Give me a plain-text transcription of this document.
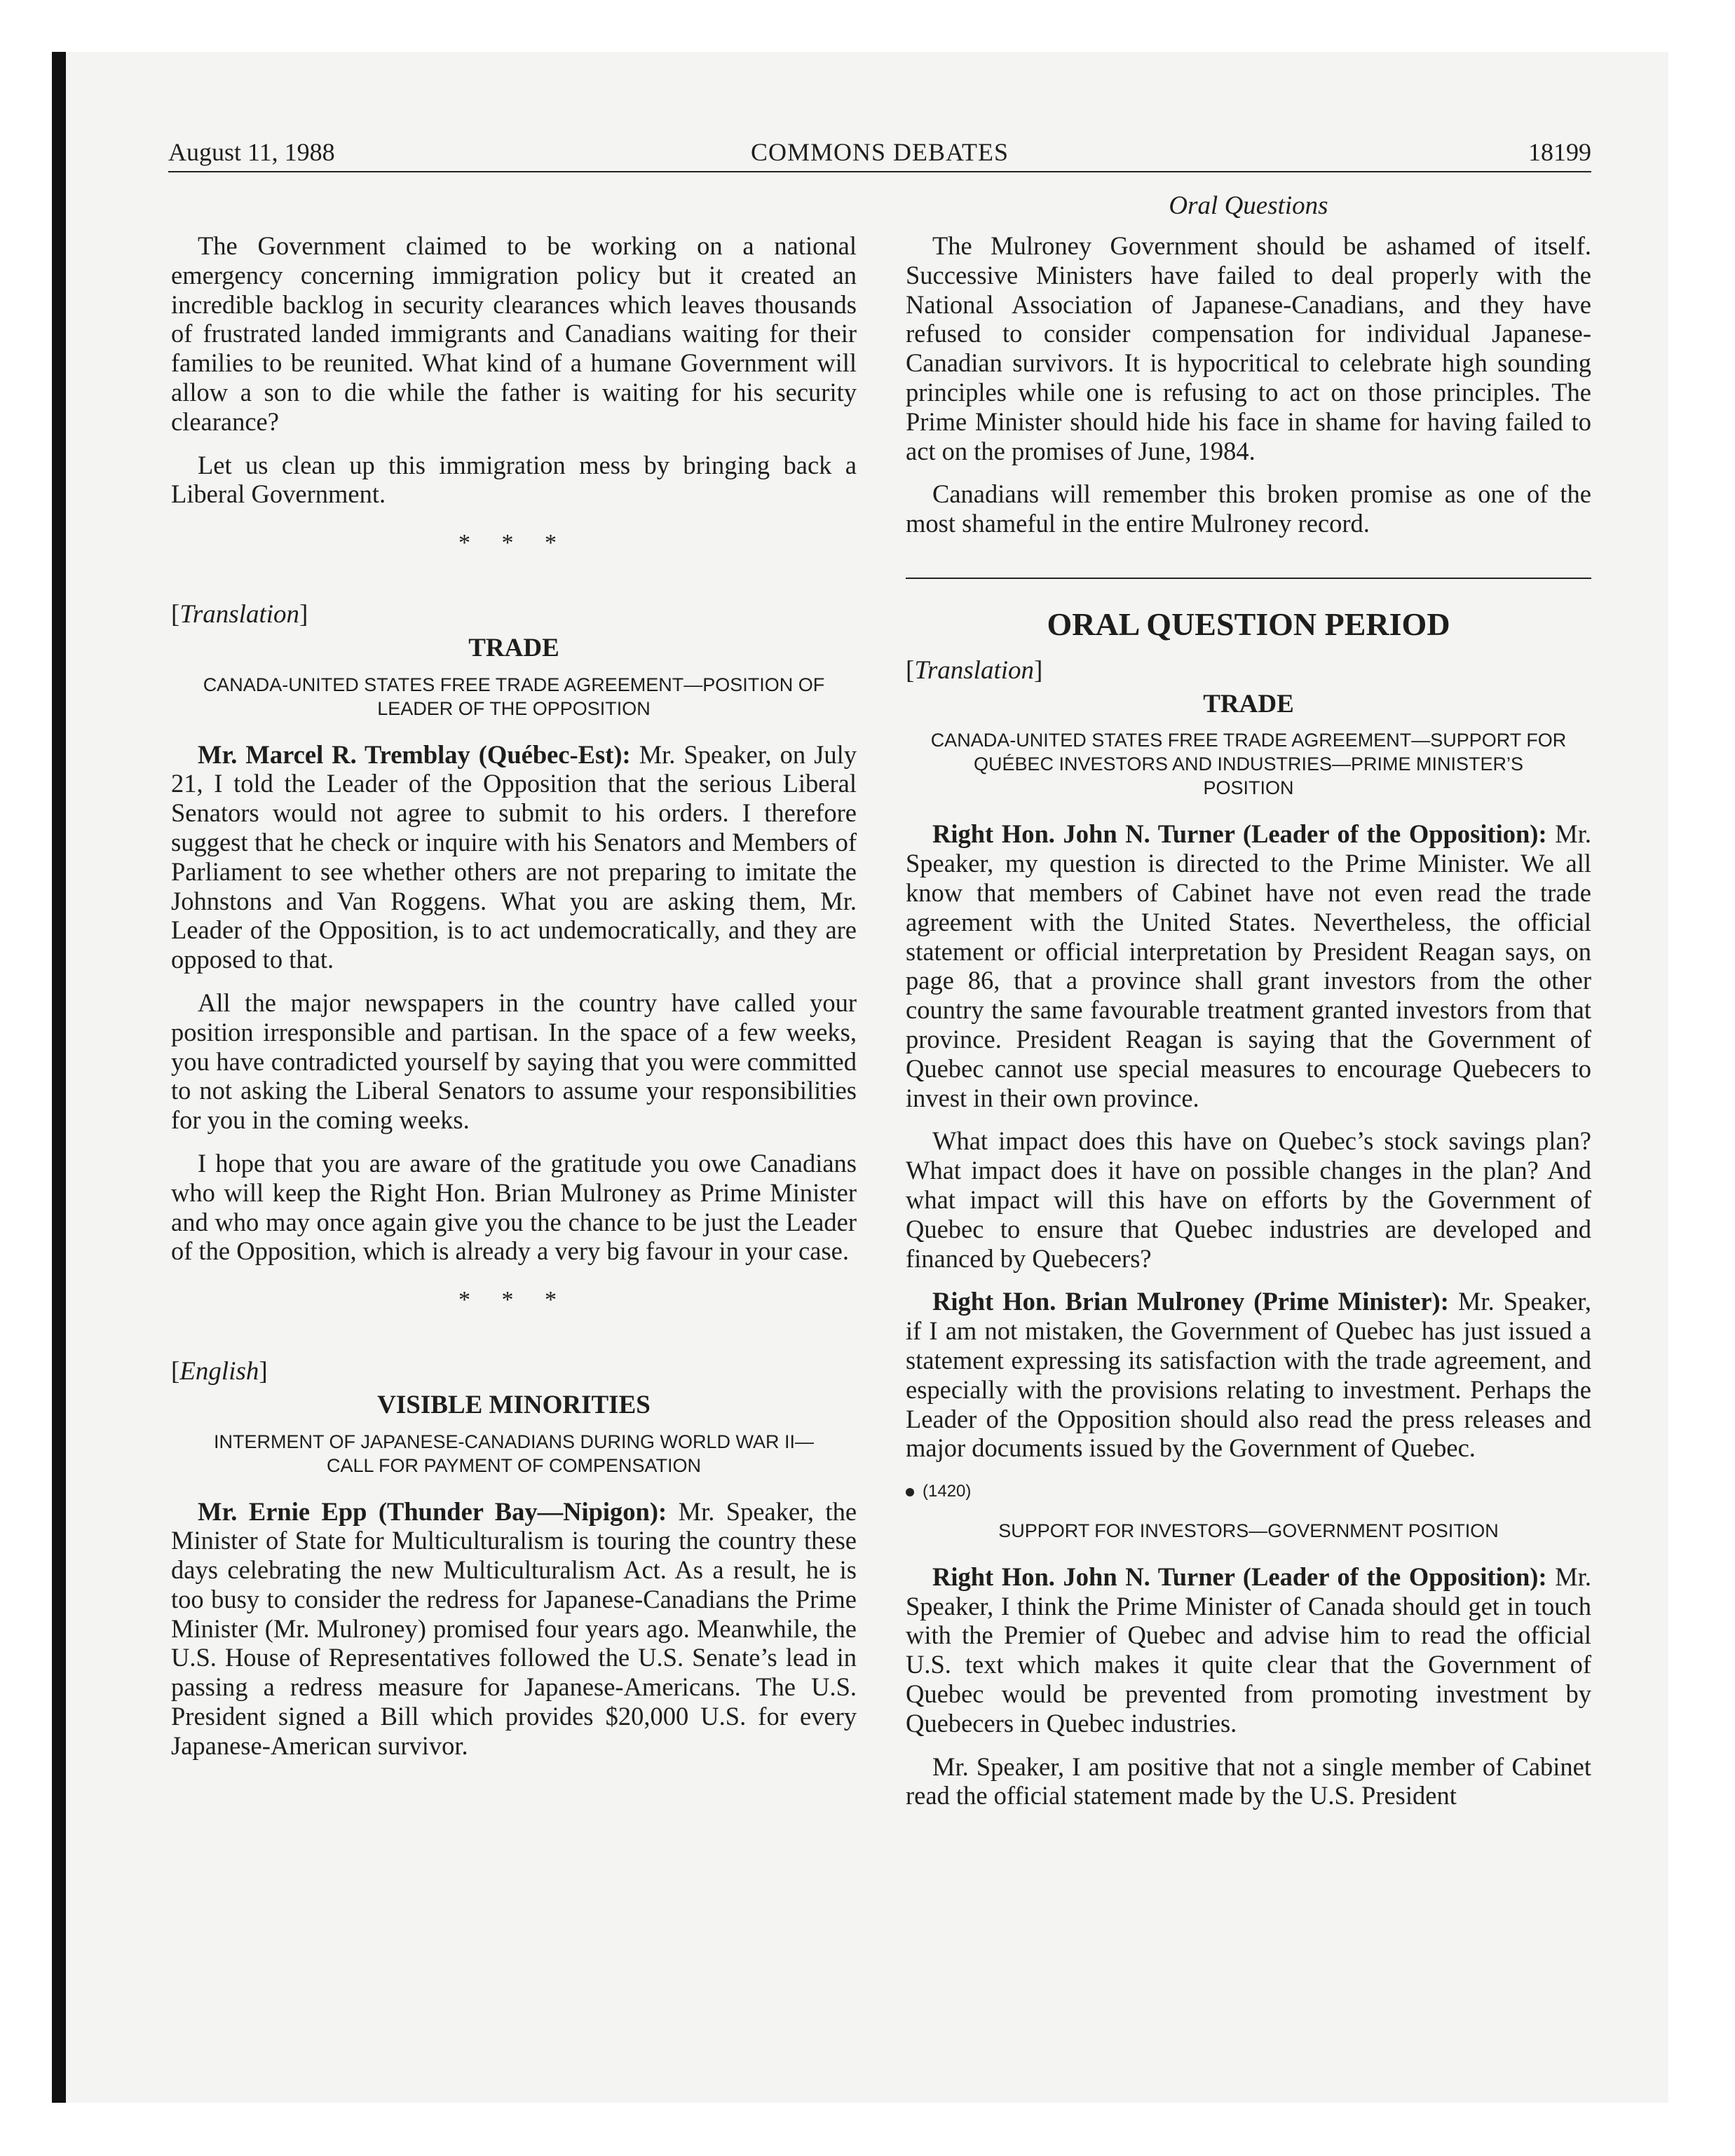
August 11, 1988	COMMONS DEBATES	18199
Oral Questions

The Government claimed to be working on a national emergency concerning immigration policy but it created an incredible backlog in security clearances which leaves thousands of frustrated landed immigrants and Canadians waiting for their families to be reunited. What kind of a humane Government will allow a son to die while the father is waiting for his security clearance?

Let us clean up this immigration mess by bringing back a Liberal Government.

* * *
[Translation]
TRADE
CANADA-UNITED STATES FREE TRADE AGREEMENT—POSITION OF LEADER OF THE OPPOSITION

Mr. Marcel R. Tremblay (Québec-Est): Mr. Speaker, on July 21, I told the Leader of the Opposition that the serious Liberal Senators would not agree to submit to his orders. I therefore suggest that he check or inquire with his Senators and Members of Parliament to see whether others are not preparing to imitate the Johnstons and Van Roggens. What you are asking them, Mr. Leader of the Opposition, is to act undemocratically, and they are opposed to that.

All the major newspapers in the country have called your position irresponsible and partisan. In the space of a few weeks, you have contradicted yourself by saying that you were committed to not asking the Liberal Senators to assume your responsibilities for you in the coming weeks.

I hope that you are aware of the gratitude you owe Canadians who will keep the Right Hon. Brian Mulroney as Prime Minister and who may once again give you the chance to be just the Leader of the Opposition, which is already a very big favour in your case.

* * *
[English]
VISIBLE MINORITIES
INTERMENT OF JAPANESE-CANADIANS DURING WORLD WAR II—CALL FOR PAYMENT OF COMPENSATION

Mr. Ernie Epp (Thunder Bay—Nipigon): Mr. Speaker, the Minister of State for Multiculturalism is touring the country these days celebrating the new Multiculturalism Act. As a result, he is too busy to consider the redress for Japanese-Canadians the Prime Minister (Mr. Mulroney) promised four years ago. Meanwhile, the U.S. House of Representatives followed the U.S. Senate’s lead in passing a redress measure for Japanese-Americans. The U.S. President signed a Bill which provides $20,000 U.S. for every Japanese-American survivor.

The Mulroney Government should be ashamed of itself. Successive Ministers have failed to deal properly with the National Association of Japanese-Canadians, and they have refused to consider compensation for individual Japanese-Canadian survivors. It is hypocritical to celebrate high sounding principles while one is refusing to act on those principles. The Prime Minister should hide his face in shame for having failed to act on the promises of June, 1984.

Canadians will remember this broken promise as one of the most shameful in the entire Mulroney record.

ORAL QUESTION PERIOD
[Translation]
TRADE
CANADA-UNITED STATES FREE TRADE AGREEMENT—SUPPORT FOR QUÉBEC INVESTORS AND INDUSTRIES—PRIME MINISTER’S POSITION

Right Hon. John N. Turner (Leader of the Opposition): Mr. Speaker, my question is directed to the Prime Minister. We all know that members of Cabinet have not even read the trade agreement with the United States. Nevertheless, the official statement or official interpretation by President Reagan says, on page 86, that a province shall grant investors from the other country the same favourable treatment granted investors from that province. President Reagan is saying that the Government of Quebec cannot use special measures to encourage Quebecers to invest in their own province.

What impact does this have on Quebec’s stock savings plan? What impact does it have on possible changes in the plan? And what impact will this have on efforts by the Government of Quebec to ensure that Quebec industries are developed and financed by Quebecers?

Right Hon. Brian Mulroney (Prime Minister): Mr. Speaker, if I am not mistaken, the Government of Quebec has just issued a statement expressing its satisfaction with the trade agreement, and especially with the provisions relating to investment. Perhaps the Leader of the Opposition should also read the press releases and major documents issued by the Government of Quebec.

(1420)
SUPPORT FOR INVESTORS—GOVERNMENT POSITION

Right Hon. John N. Turner (Leader of the Opposition): Mr. Speaker, I think the Prime Minister of Canada should get in touch with the Premier of Quebec and advise him to read the official U.S. text which makes it quite clear that the Government of Quebec would be prevented from promoting investment by Quebecers in Quebec industries.

Mr. Speaker, I am positive that not a single member of Cabinet read the official statement made by the U.S. President
